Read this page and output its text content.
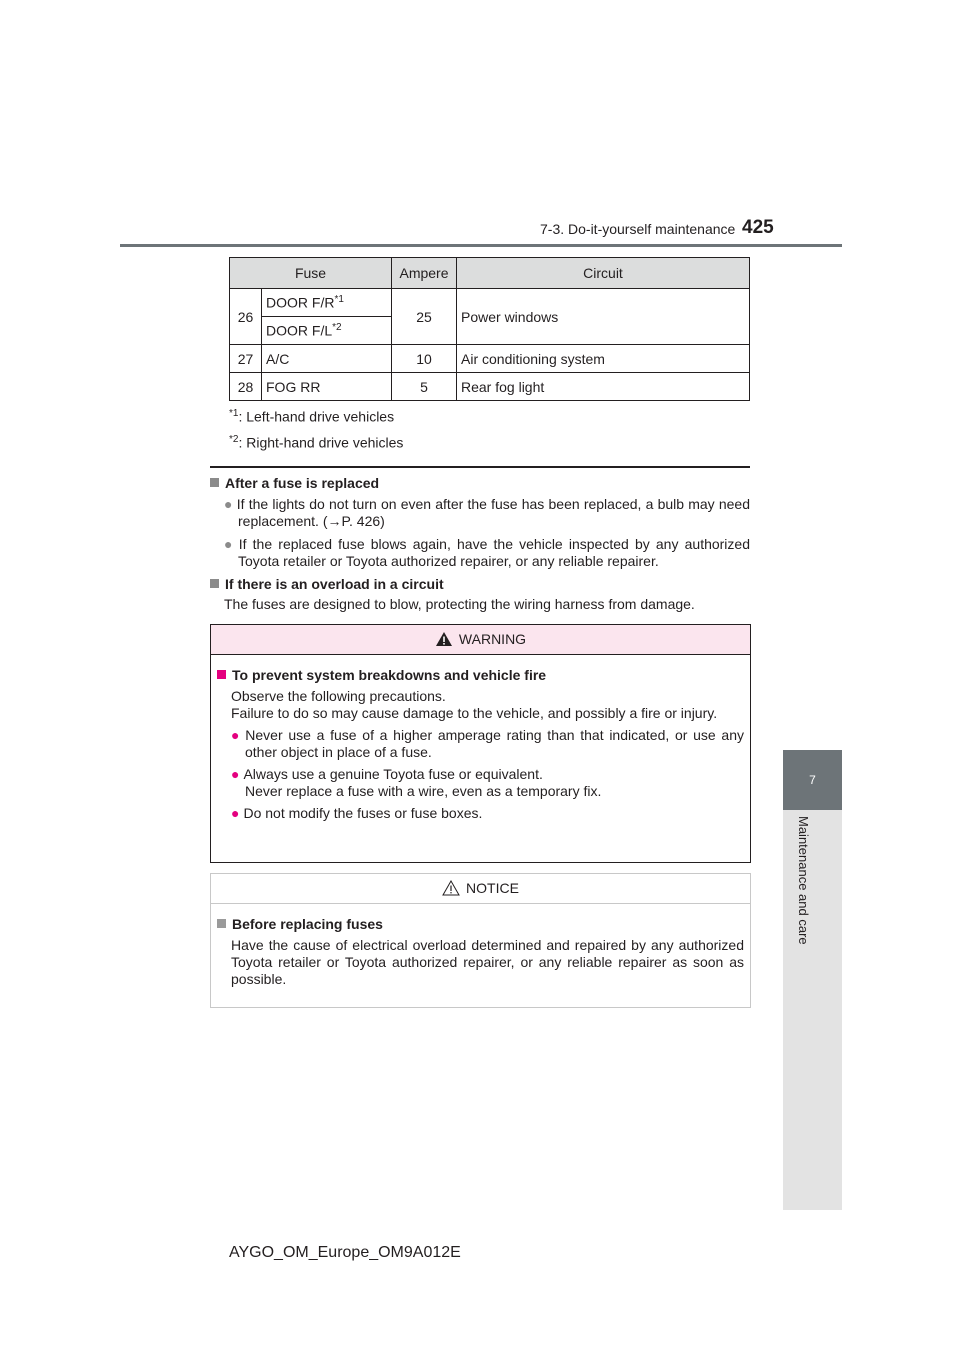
7-3. Do-it-yourself maintenance 425
7
Maintenance and care
Fuse		Ampere	Circuit
26	DOOR $F/R^{*1}$	25	Power windows
	DOOR $F/L^{*2}$
27	A/C	10	Air conditioning system
28	FOG RR	5	Rear fog light
$^{*1}$: Left-hand drive vehicles
$^{*2}$: Right-hand drive vehicles
After a fuse is replaced
● If the lights do not turn on even after the fuse has been replaced, a bulb may need replacement. (→P. 426)
● If the replaced fuse blows again, have the vehicle inspected by any authorized Toyota retailer or Toyota authorized repairer, or any reliable repairer.
If there is an overload in a circuit
The fuses are designed to blow, protecting the wiring harness from damage.
WARNING
To prevent system breakdowns and vehicle fire
Observe the following precautions.
Failure to do so may cause damage to the vehicle, and possibly a fire or injury.
● Never use a fuse of a higher amperage rating than that indicated, or use any other object in place of a fuse.
● Always use a genuine Toyota fuse or equivalent.
Never replace a fuse with a wire, even as a temporary fix.
● Do not modify the fuses or fuse boxes.
NOTICE
Before replacing fuses
Have the cause of electrical overload determined and repaired by any authorized Toyota retailer or Toyota authorized repairer, or any reliable repairer as soon as possible.
AYGO_OM_Europe_OM9A012E
